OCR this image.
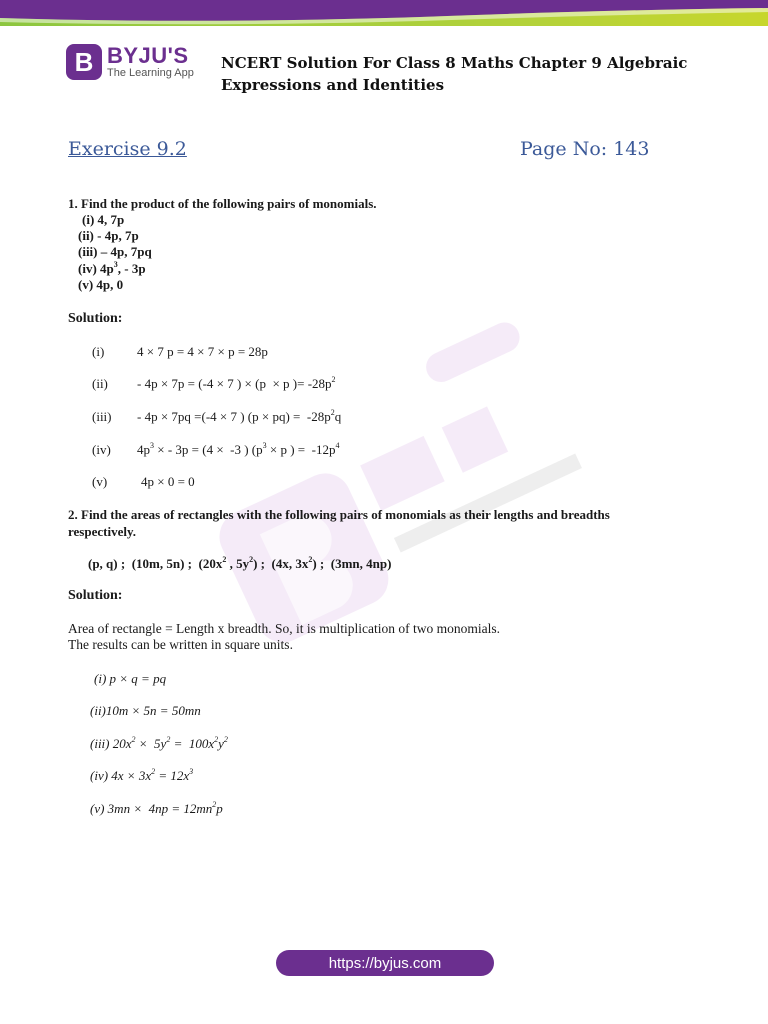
B BYJU'S
The Learning App
NCERT Solution For Class 8 Maths Chapter 9 Algebraic Expressions and Identities
Exercise 9.2	Page No: 143
1. Find the product of the following pairs of monomials.
(i) 4, 7p
(ii) - 4p, 7p
(iii) – 4p, 7pq
(iv) $4p^3$, - 3p
(v) 4p, 0
Solution:
(i)	4 × 7 p = 4 × 7 × p = 28p
(ii) - 4p × 7p = (-4 × 7 ) × (p  × p )= $-28p^2$
(iii) - 4p × 7pq =(-4 × 7 ) $(p \times pq) = -28p^2q$
(iv) $4p^3$ × - 3p = (4 ×  -3 ) ($p^3 \times p$ ) =  $-12p^4$
(v)	4p × 0 = 0
2. Find the areas of rectangles with the following pairs of monomials as their lengths and breadths respectively.
(p, q) ;  (10m, 5n) ;  ($20x^2$ , $5y^2$) ;  (4x, $3x^2$) ;  (3mn, 4np)
Solution:
Area of rectangle = Length x breadth. So, it is multiplication of two monomials.
The results can be written in square units.
(i) p × q = pq
(ii)10m × 5n = 50mn
(iii) $20x^2 \times 5y^2 = 100x^2y^2$
(iv) $4x \times 3x^2 = 12x^3$
(v) $3mn \times 4np = 12mn^2p$
https://byjus.com
